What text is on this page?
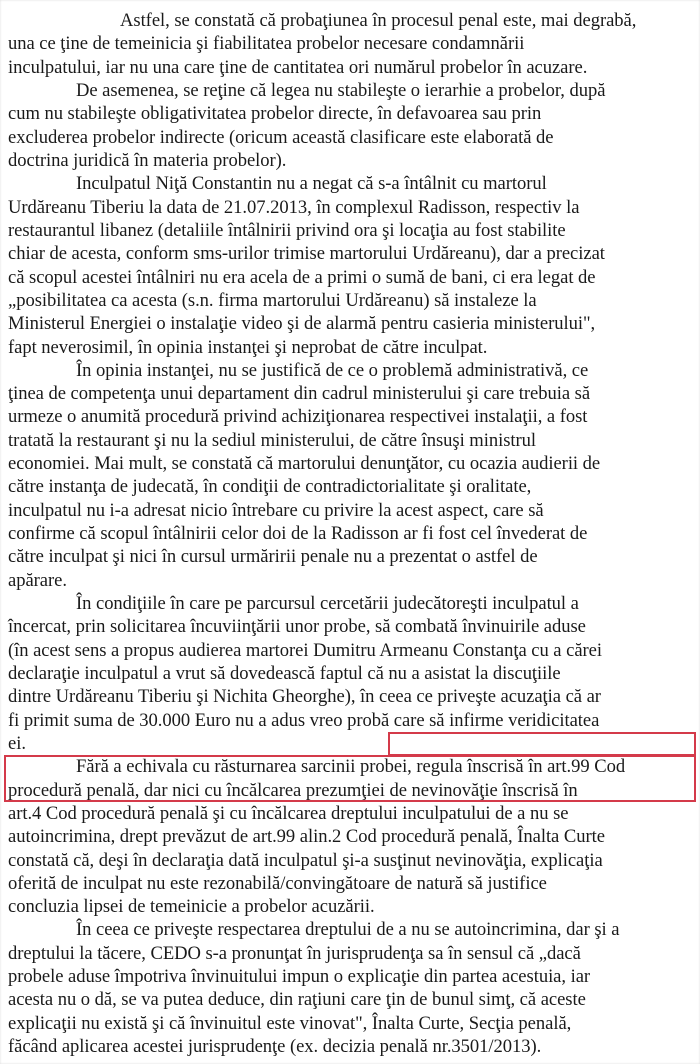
Astfel, se constată că probaţiunea în procesul penal este, mai degrabă,
una ce ţine de temeinicia şi fiabilitatea probelor necesare condamnării
inculpatului, iar nu una care ţine de cantitatea ori numărul probelor în acuzare.
De asemenea, se reţine că legea nu stabileşte o ierarhie a probelor, după
cum nu stabileşte obligativitatea probelor directe, în defavoarea sau prin
excluderea probelor indirecte (oricum această clasificare este elaborată de
doctrina juridică în materia probelor).
Inculpatul Niţă Constantin nu a negat că s-a întâlnit cu martorul
Urdăreanu Tiberiu la data de 21.07.2013, în complexul Radisson, respectiv la
restaurantul libanez (detaliile întâlnirii privind ora şi locaţia au fost stabilite
chiar de acesta, conform sms-urilor trimise martorului Urdăreanu), dar a precizat
că scopul acestei întâlniri nu era acela de a primi o sumă de bani, ci era legat de
„posibilitatea ca acesta (s.n. firma martorului Urdăreanu) să instaleze la
Ministerul Energiei o instalaţie video şi de alarmă pentru casieria ministerului",
fapt neverosimil, în opinia instanţei şi neprobat de către inculpat.
În opinia instanţei, nu se justifică de ce o problemă administrativă, ce
ţinea de competenţa unui departament din cadrul ministerului şi care trebuia să
urmeze o anumită procedură privind achiziţionarea respectivei instalaţii, a fost
tratată la restaurant şi nu la sediul ministerului, de către însuşi ministrul
economiei. Mai mult, se constată că martorului denunţător, cu ocazia audierii de
către instanţa de judecată, în condiţii de contradictorialitate şi oralitate,
inculpatul nu i-a adresat nicio întrebare cu privire la acest aspect, care să
confirme că scopul întâlnirii celor doi de la Radisson ar fi fost cel învederat de
către inculpat şi nici în cursul urmăririi penale nu a prezentat o astfel de
apărare.
În condiţiile în care pe parcursul cercetării judecătoreşti inculpatul a
încercat, prin solicitarea încuviinţării unor probe, să combată învinuirile aduse
(în acest sens a propus audierea martorei Dumitru Armeanu Constanţa cu a cărei
declaraţie inculpatul a vrut să dovedească faptul că nu a asistat la discuţiile
dintre Urdăreanu Tiberiu şi Nichita Gheorghe), în ceea ce priveşte acuzaţia că ar
fi primit suma de 30.000 Euro nu a adus vreo probă care să infirme veridicitatea
ei.
Fără a echivala cu răsturnarea sarcinii probei, regula înscrisă în art.99 Cod
procedură penală, dar nici cu încălcarea prezumţiei de nevinovăţie înscrisă în
art.4 Cod procedură penală şi cu încălcarea dreptului inculpatului de a nu se
autoincrimina, drept prevăzut de art.99 alin.2 Cod procedură penală, Înalta Curte
constată că, deşi în declaraţia dată inculpatul şi-a susţinut nevinovăţia, explicaţia
oferită de inculpat nu este rezonabilă/convingătoare de natură să justifice
concluzia lipsei de temeinicie a probelor acuzării.
În ceea ce priveşte respectarea dreptului de a nu se autoincrimina, dar şi a
dreptului la tăcere, CEDO s-a pronunţat în jurisprudenţa sa în sensul că „dacă
probele aduse împotriva învinuitului impun o explicaţie din partea acestuia, iar
acesta nu o dă, se va putea deduce, din raţiuni care ţin de bunul simţ, că aceste
explicaţii nu există şi că învinuitul este vinovat", Înalta Curte, Secţia penală,
făcând aplicarea acestei jurisprudenţe (ex. decizia penală nr.3501/2013).
